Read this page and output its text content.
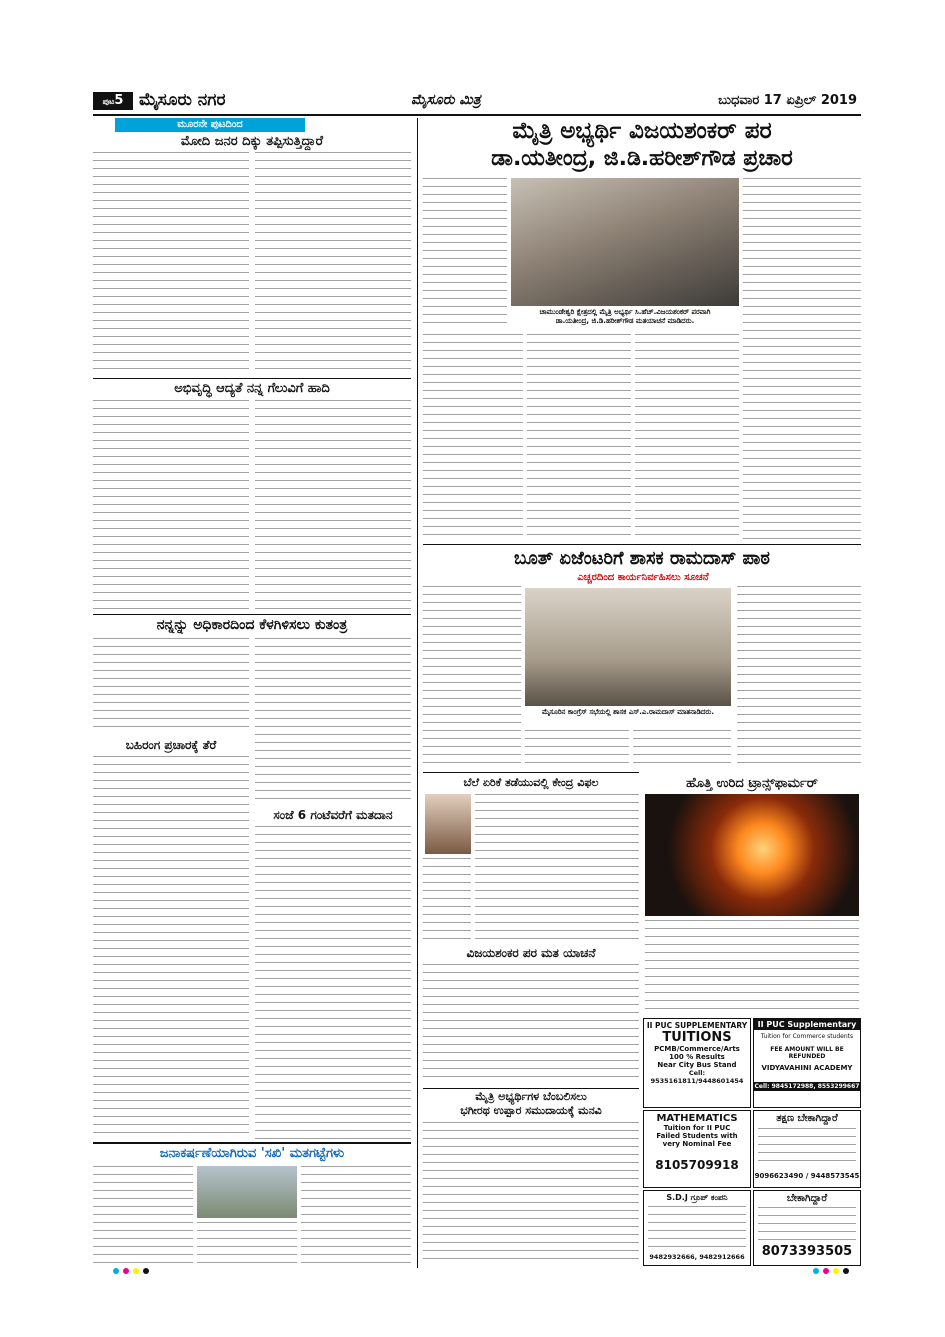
ಪುಟ5 ಮೈಸೂರು ನಗರ	ಮೈಸೂರು ಮಿತ್ರ	ಬುಧವಾರ 17 ಏಪ್ರಿಲ್ 2019
ಮೂರನೇ ಪುಟದಿಂದ
ಮೋದಿ ಜನರ ದಿಕ್ಕು ತಪ್ಪಿಸುತ್ತಿದ್ದಾರೆ
ಅಭಿವೃದ್ಧಿ ಆದ್ಯತೆ ನನ್ನ ಗೆಲುವಿಗೆ ಹಾದಿ
ನನ್ನನ್ನು ಅಧಿಕಾರದಿಂದ ಕೆಳಗಿಳಿಸಲು ಕುತಂತ್ರ
ಬಹಿರಂಗ ಪ್ರಚಾರಕ್ಕೆ ತೆರೆ
ಸಂಜೆ 6 ಗಂಟೆವರೆಗೆ ಮತದಾನ
ಜನಾಕರ್ಷಣೆಯಾಗಿರುವ 'ಸಖಿ' ಮತಗಟ್ಟೆಗಳು
ಮೈತ್ರಿ ಅಭ್ಯರ್ಥಿ ವಿಜಯಶಂಕರ್ ಪರ
ಡಾ.ಯತೀಂದ್ರ, ಜಿ.ಡಿ.ಹರೀಶ್‌ಗೌಡ ಪ್ರಚಾರ
ಚಾಮುಂಡೇಶ್ವರಿ ಕ್ಷೇತ್ರದಲ್ಲಿ ಮೈತ್ರಿ ಅಭ್ಯರ್ಥಿ ಸಿ.ಹೆಚ್.ವಿಜಯಶಂಕರ್ ಪರವಾಗಿ
ಡಾ.ಯತೀಂದ್ರ, ಜಿ.ಡಿ.ಹರೀಶ್‌ಗೌಡ ಮತಯಾಚನೆ ಮಾಡಿದರು.
ಬೂತ್ ಏಜೆಂಟರಿಗೆ ಶಾಸಕ ರಾಮದಾಸ್ ಪಾಠ
ಎಚ್ಚರದಿಂದ ಕಾರ್ಯನಿರ್ವಹಿಸಲು ಸೂಚನೆ
ಮೈಸೂರಿನ ಕಾಂಗ್ರೆಸ್ ಸಭೆಯಲ್ಲಿ ಶಾಸಕ ಎಸ್.ಎ.ರಾಮದಾಸ್ ಮಾತನಾಡಿದರು.
ಬೆಲೆ ಏರಿಕೆ ತಡೆಯುವಲ್ಲಿ ಕೇಂದ್ರ ವಿಫಲ	ಹೊತ್ತಿ ಉರಿದ ಟ್ರಾನ್ಸ್‌ಫಾರ್ಮರ್
ವಿಜಯಶಂಕರ ಪರ ಮತ ಯಾಚನೆ
ಮೈತ್ರಿ ಅಭ್ಯರ್ಥಿಗಳ ಬೆಂಬಲಿಸಲು
ಭಗೀರಥ ಉಪ್ಪಾರ ಸಮುದಾಯಕ್ಕೆ ಮನವಿ
II PUC SUPPLEMENTARY
TUITIONS
PCMB/Commerce/Arts
100 % Results
Near City Bus Stand
Cell: 9535161811/9448601454
II PUC Supplementary
Tuition for Commerce students
FEE AMOUNT WILL BE REFUNDED
VIDYAVAHINI ACADEMY
Cell: 9845172988, 8553299667
MATHEMATICS
Tuition for II PUC
Failed Students with
very Nominal Fee
8105709918
ತಕ್ಷಣ ಬೇಕಾಗಿದ್ದಾರೆ
9096623490 / 9448573545
S.D.J ಗ್ರೂಪ್ ಕಂಪನಿ
9482932666, 9482912666
ಬೇಕಾಗಿದ್ದಾರೆ
8073393505
